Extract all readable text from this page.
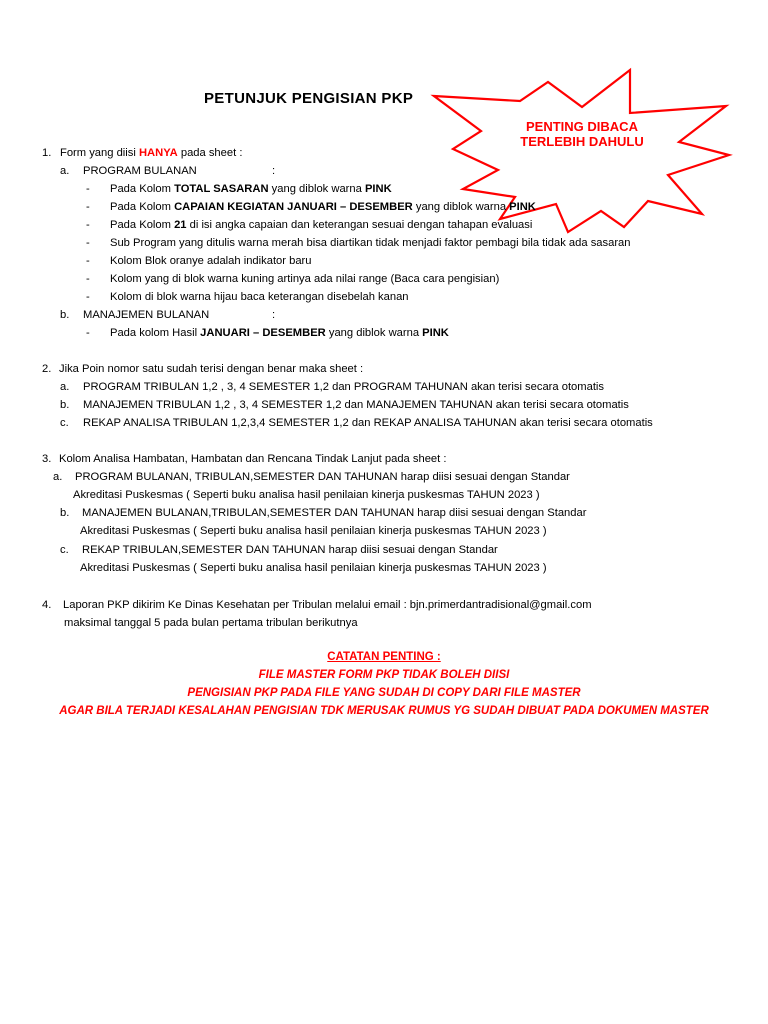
PETUNJUK PENGISIAN PKP
PENTING DIBACA
TERLEBIH DAHULU
1. Form yang diisi HANYA pada sheet :
a. PROGRAM BULANAN	:
- Pada Kolom TOTAL SASARAN yang diblok warna PINK
- Pada Kolom CAPAIAN KEGIATAN JANUARI – DESEMBER yang diblok warna PINK
- Pada Kolom 21 di isi angka capaian dan keterangan sesuai dengan tahapan evaluasi
- Sub Program yang ditulis warna merah bisa diartikan tidak menjadi faktor pembagi bila tidak ada sasaran
- Kolom Blok oranye adalah indikator baru
- Kolom yang di blok warna kuning artinya ada nilai range (Baca cara pengisian)
- Kolom di blok warna hijau baca keterangan disebelah kanan
b. MANAJEMEN BULANAN	:
- Pada kolom Hasil JANUARI – DESEMBER yang diblok warna PINK
2. Jika Poin nomor satu sudah terisi dengan benar maka sheet :
a. PROGRAM TRIBULAN 1,2 , 3, 4 SEMESTER 1,2 dan PROGRAM TAHUNAN akan terisi secara otomatis
b. MANAJEMEN TRIBULAN 1,2 , 3, 4 SEMESTER 1,2 dan MANAJEMEN TAHUNAN akan terisi secara otomatis
c. REKAP ANALISA TRIBULAN 1,2,3,4 SEMESTER 1,2 dan REKAP ANALISA TAHUNAN akan terisi secara otomatis
3. Kolom Analisa Hambatan, Hambatan dan Rencana Tindak Lanjut pada sheet :
a. PROGRAM BULANAN, TRIBULAN,SEMESTER DAN TAHUNAN harap diisi sesuai dengan Standar
Akreditasi Puskesmas ( Seperti buku analisa hasil penilaian kinerja puskesmas TAHUN 2023 )
b. MANAJEMEN BULANAN,TRIBULAN,SEMESTER DAN TAHUNAN harap diisi sesuai dengan Standar
Akreditasi Puskesmas ( Seperti buku analisa hasil penilaian kinerja puskesmas TAHUN 2023 )
c. REKAP TRIBULAN,SEMESTER DAN TAHUNAN harap diisi sesuai dengan Standar
Akreditasi Puskesmas ( Seperti buku analisa hasil penilaian kinerja puskesmas TAHUN 2023 )
4. Laporan PKP dikirim Ke Dinas Kesehatan per Tribulan melalui email : bjn.primerdantradisional@gmail.com
maksimal tanggal 5 pada bulan pertama tribulan berikutnya
CATATAN PENTING :
FILE MASTER FORM PKP TIDAK BOLEH DIISI
PENGISIAN PKP PADA FILE YANG SUDAH DI COPY DARI FILE MASTER
AGAR BILA TERJADI KESALAHAN PENGISIAN TDK MERUSAK RUMUS YG SUDAH DIBUAT PADA DOKUMEN MASTER
